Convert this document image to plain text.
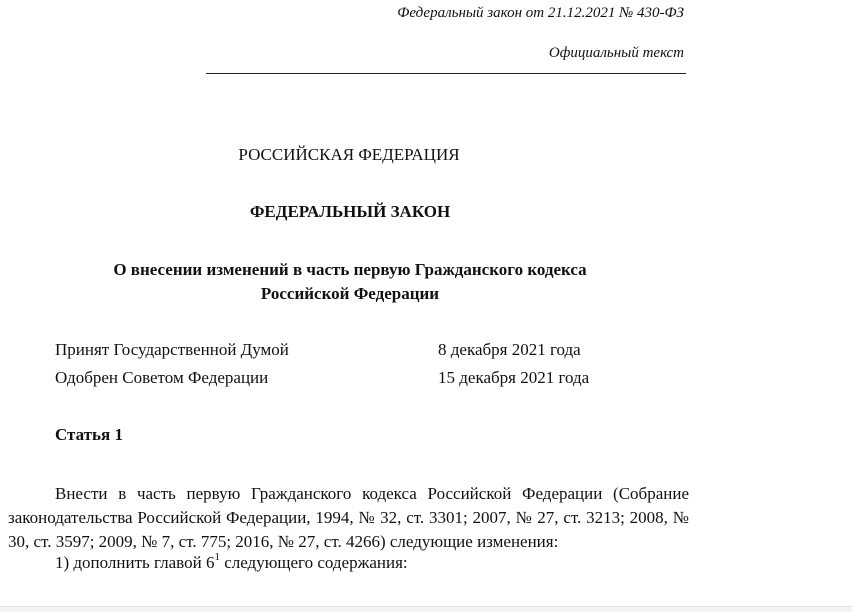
Федеральный закон от 21.12.2021 № 430-ФЗ
Официальный текст
РОССИЙСКАЯ ФЕДЕРАЦИЯ
ФЕДЕРАЛЬНЫЙ ЗАКОН
О внесении изменений в часть первую Гражданского кодекса
Российской Федерации
Принят Государственной Думой	8 декабря 2021 года
Одобрен Советом Федерации	15 декабря 2021 года
Статья 1

Внести в часть первую Гражданского кодекса Российской Федерации (Собрание законодательства Российской Федерации, 1994, № 32, ст. 3301; 2007, № 27, ст. 3213; 2008, № 30, ст. 3597; 2009, № 7, ст. 775; 2016, № 27, ст. 4266) следующие изменения:

1) дополнить главой $6^1$ следующего содержания:
